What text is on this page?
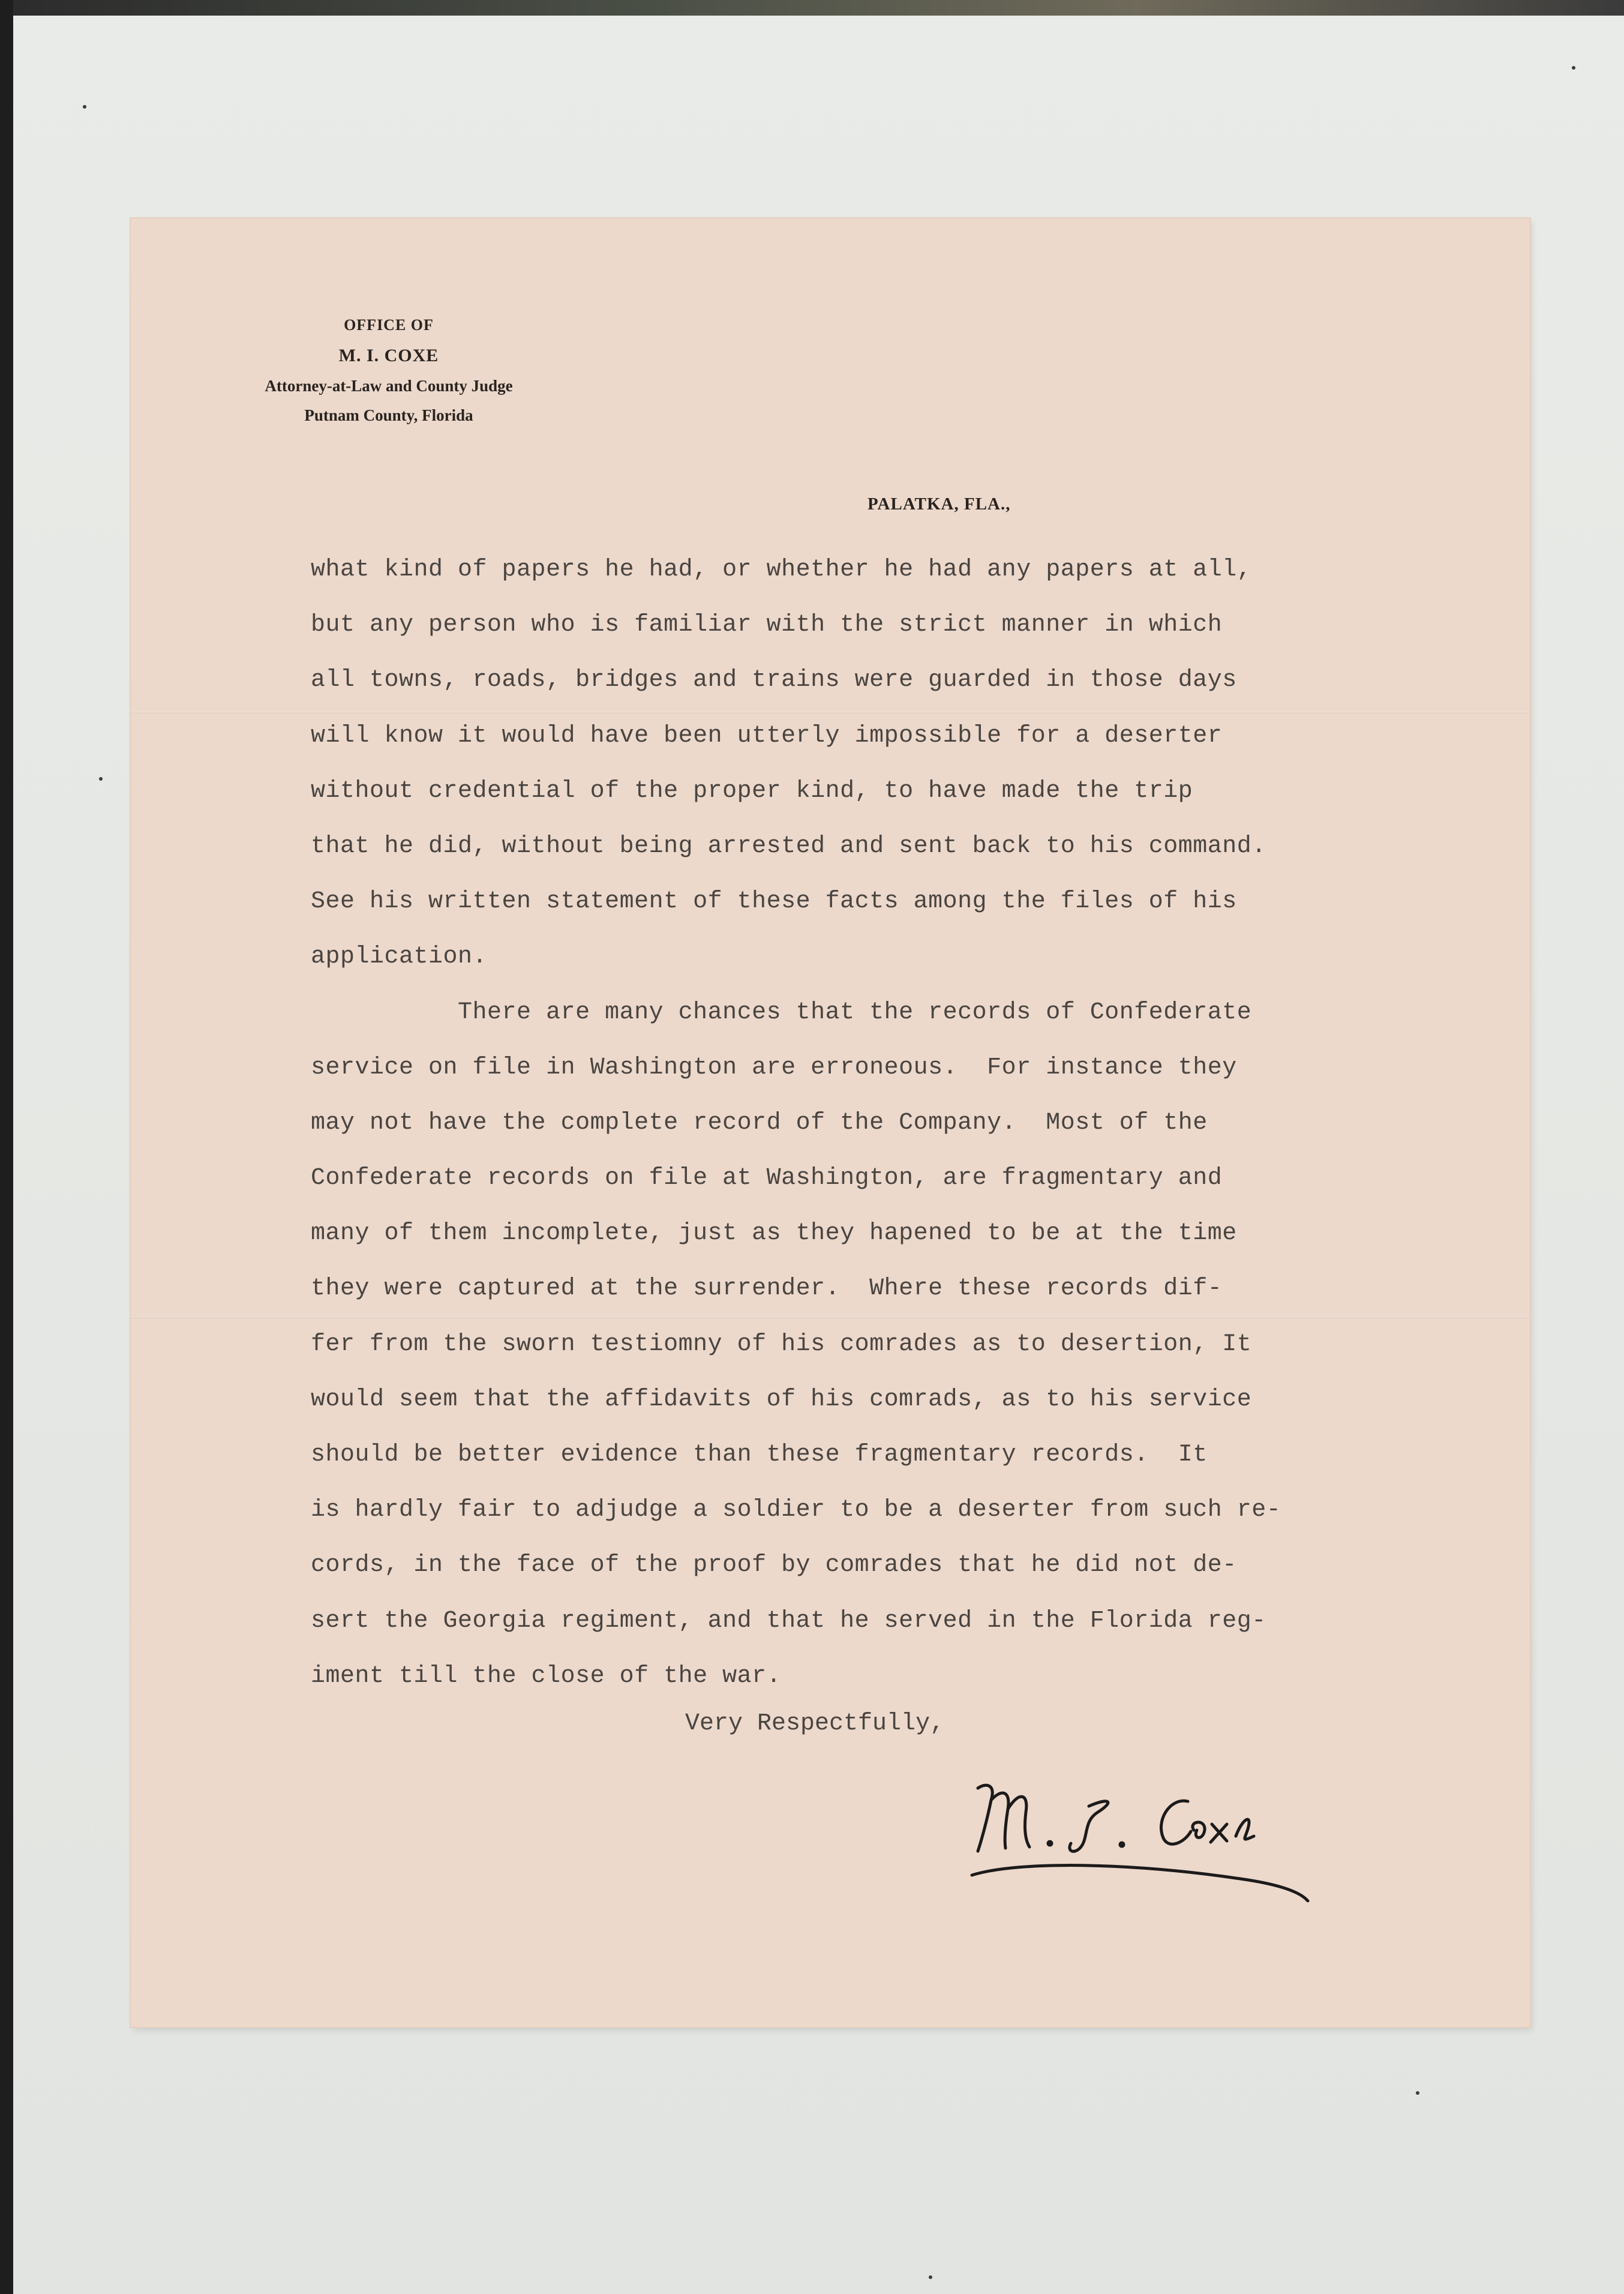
OFFICE OF
M. I. COXE
Attorney-at-Law and County Judge
Putnam County, Florida
PALATKA, FLA.,
what kind of papers he had, or whether he had any papers at all,
but any person who is familiar with the strict manner in which
all towns, roads, bridges and trains were guarded in those days
will know it would have been utterly impossible for a deserter
without credential of the proper kind, to have made the trip
that he did, without being arrested and sent back to his command.
See his written statement of these facts among the files of his
application.
There are many chances that the records of Confederate
service on file in Washington are erroneous.  For instance they
may not have the complete record of the Company.  Most of the
Confederate records on file at Washington, are fragmentary and
many of them incomplete, just as they hapened to be at the time
they were captured at the surrender.  Where these records dif-
fer from the sworn testiomny of his comrades as to desertion, It
would seem that the affidavits of his comrads, as to his service
should be better evidence than these fragmentary records.  It
is hardly fair to adjudge a soldier to be a deserter from such re-
cords, in the face of the proof by comrades that he did not de-
sert the Georgia regiment, and that he served in the Florida reg-
iment till the close of the war.
Very Respectfully,
